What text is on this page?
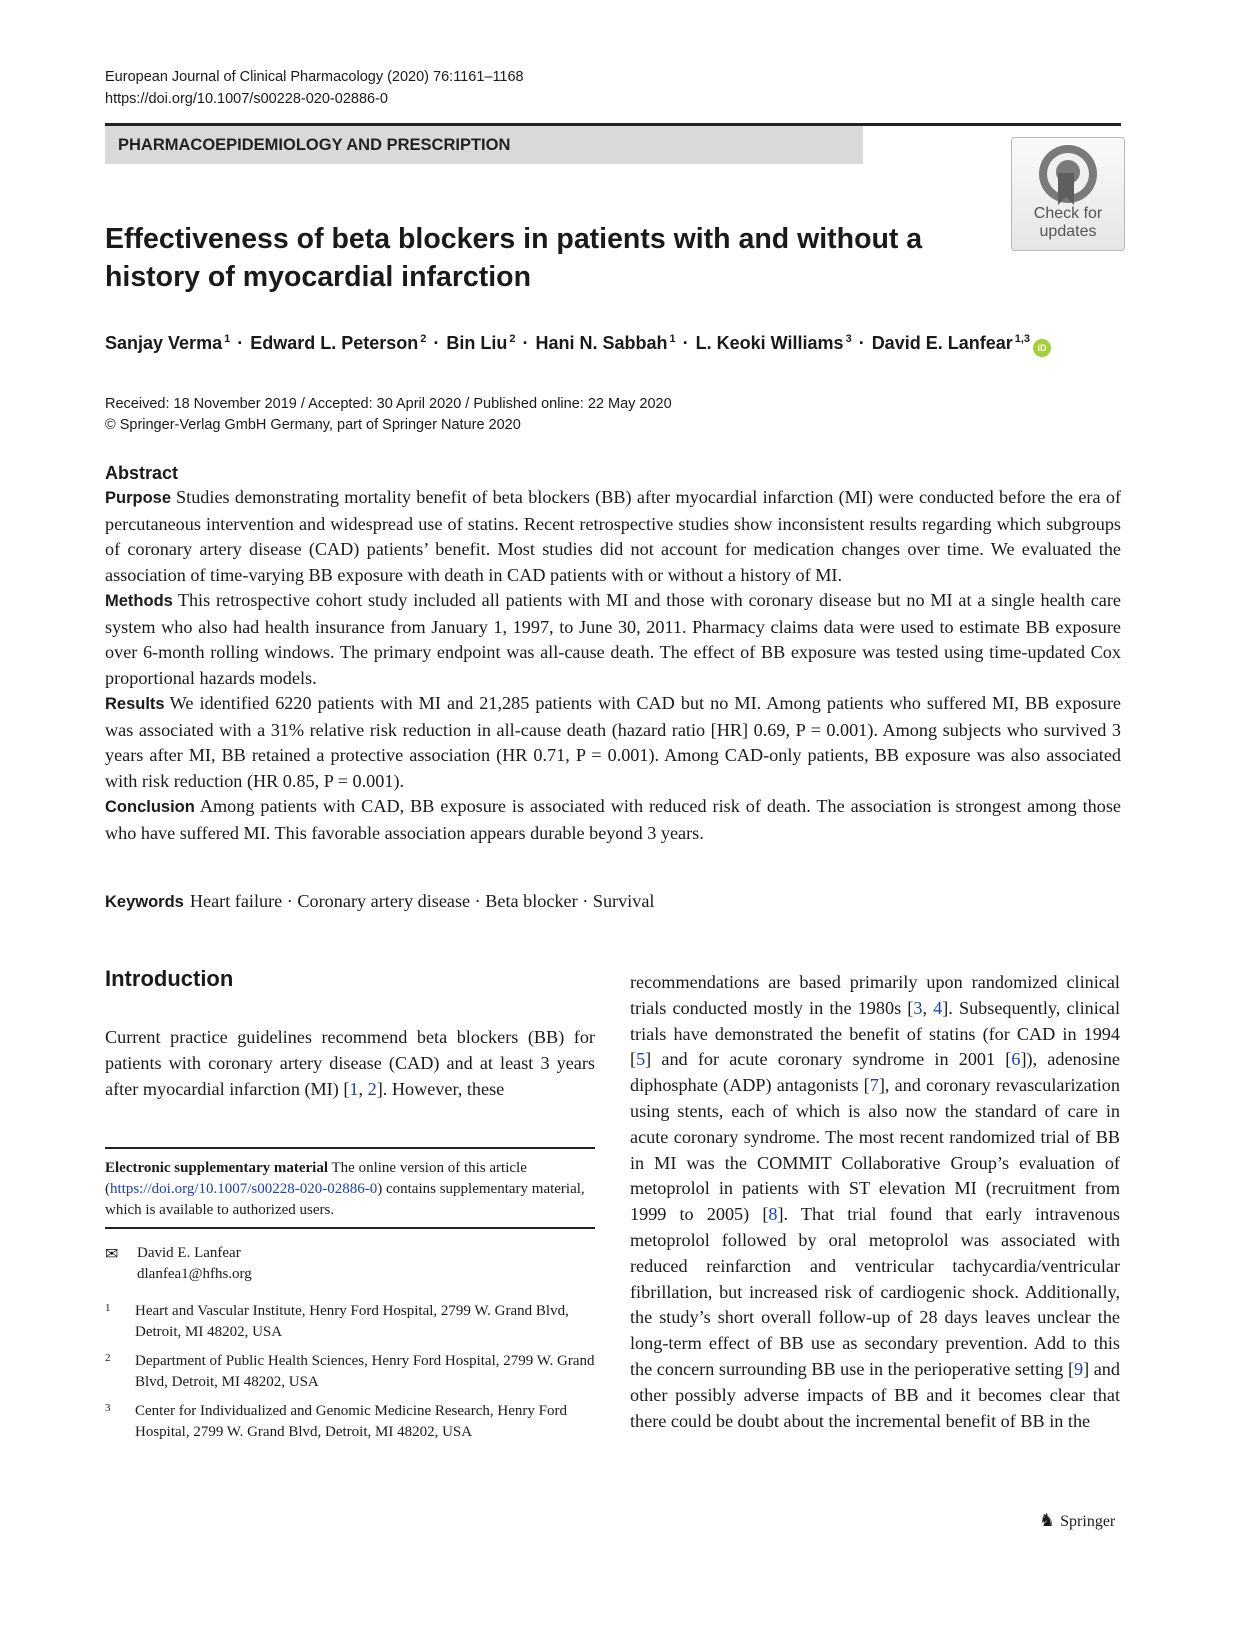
European Journal of Clinical Pharmacology (2020) 76:1161–1168
https://doi.org/10.1007/s00228-020-02886-0
PHARMACOEPIDEMIOLOGY AND PRESCRIPTION
Check for updates
Effectiveness of beta blockers in patients with and without a history of myocardial infarction
Sanjay Verma $^1$ · Edward L. Peterson $^2$ · Bin Liu $^2$ · Hani N. Sabbah $^1$ · L. Keoki Williams $^3$ · David E. Lanfear $^{1,3}$iD
Received: 18 November 2019 / Accepted: 30 April 2020 / Published online: 22 May 2020
© Springer-Verlag GmbH Germany, part of Springer Nature 2020
Abstract

Purpose Studies demonstrating mortality benefit of beta blockers (BB) after myocardial infarction (MI) were conducted before the era of percutaneous intervention and widespread use of statins. Recent retrospective studies show inconsistent results regarding which subgroups of coronary artery disease (CAD) patients’ benefit. Most studies did not account for medication changes over time. We evaluated the association of time-varying BB exposure with death in CAD patients with or without a history of MI.

Methods This retrospective cohort study included all patients with MI and those with coronary disease but no MI at a single health care system who also had health insurance from January 1, 1997, to June 30, 2011. Pharmacy claims data were used to estimate BB exposure over 6-month rolling windows. The primary endpoint was all-cause death. The effect of BB exposure was tested using time-updated Cox proportional hazards models.

Results We identified 6220 patients with MI and 21,285 patients with CAD but no MI. Among patients who suffered MI, BB exposure was associated with a 31% relative risk reduction in all-cause death (hazard ratio [HR] 0.69, P = 0.001). Among subjects who survived 3 years after MI, BB retained a protective association (HR 0.71, P = 0.001). Among CAD-only patients, BB exposure was also associated with risk reduction (HR 0.85, P = 0.001).

Conclusion Among patients with CAD, BB exposure is associated with reduced risk of death. The association is strongest among those who have suffered MI. This favorable association appears durable beyond 3 years.

Keywords Heart failure · Coronary artery disease · Beta blocker · Survival
Introduction
Current practice guidelines recommend beta blockers (BB) for patients with coronary artery disease (CAD) and at least 3 years after myocardial infarction (MI) [1, 2]. However, these
recommendations are based primarily upon randomized clinical trials conducted mostly in the 1980s [3, 4]. Subsequently, clinical trials have demonstrated the benefit of statins (for CAD in 1994 [5] and for acute coronary syndrome in 2001 [6]), adenosine diphosphate (ADP) antagonists [7], and coronary revascularization using stents, each of which is also now the standard of care in acute coronary syndrome. The most recent randomized trial of BB in MI was the COMMIT Collaborative Group’s evaluation of metoprolol in patients with ST elevation MI (recruitment from 1999 to 2005) [8]. That trial found that early intravenous metoprolol followed by oral metoprolol was associated with reduced reinfarction and ventricular tachycardia/ventricular fibrillation, but increased risk of cardiogenic shock. Additionally, the study’s short overall follow-up of 28 days leaves unclear the long-term effect of BB use as secondary prevention. Add to this the concern surrounding BB use in the perioperative setting [9] and other possibly adverse impacts of BB and it becomes clear that there could be doubt about the incremental benefit of BB in the
Electronic supplementary material The online version of this article (https://doi.org/10.1007/s00228-020-02886-0) contains supplementary material, which is available to authorized users.
✉ David E. Lanfear
dlanfea1@hfhs.org
1 Heart and Vascular Institute, Henry Ford Hospital, 2799 W. Grand Blvd, Detroit, MI 48202, USA
2 Department of Public Health Sciences, Henry Ford Hospital, 2799 W. Grand Blvd, Detroit, MI 48202, USA
3 Center for Individualized and Genomic Medicine Research, Henry Ford Hospital, 2799 W. Grand Blvd, Detroit, MI 48202, USA
♞ Springer
